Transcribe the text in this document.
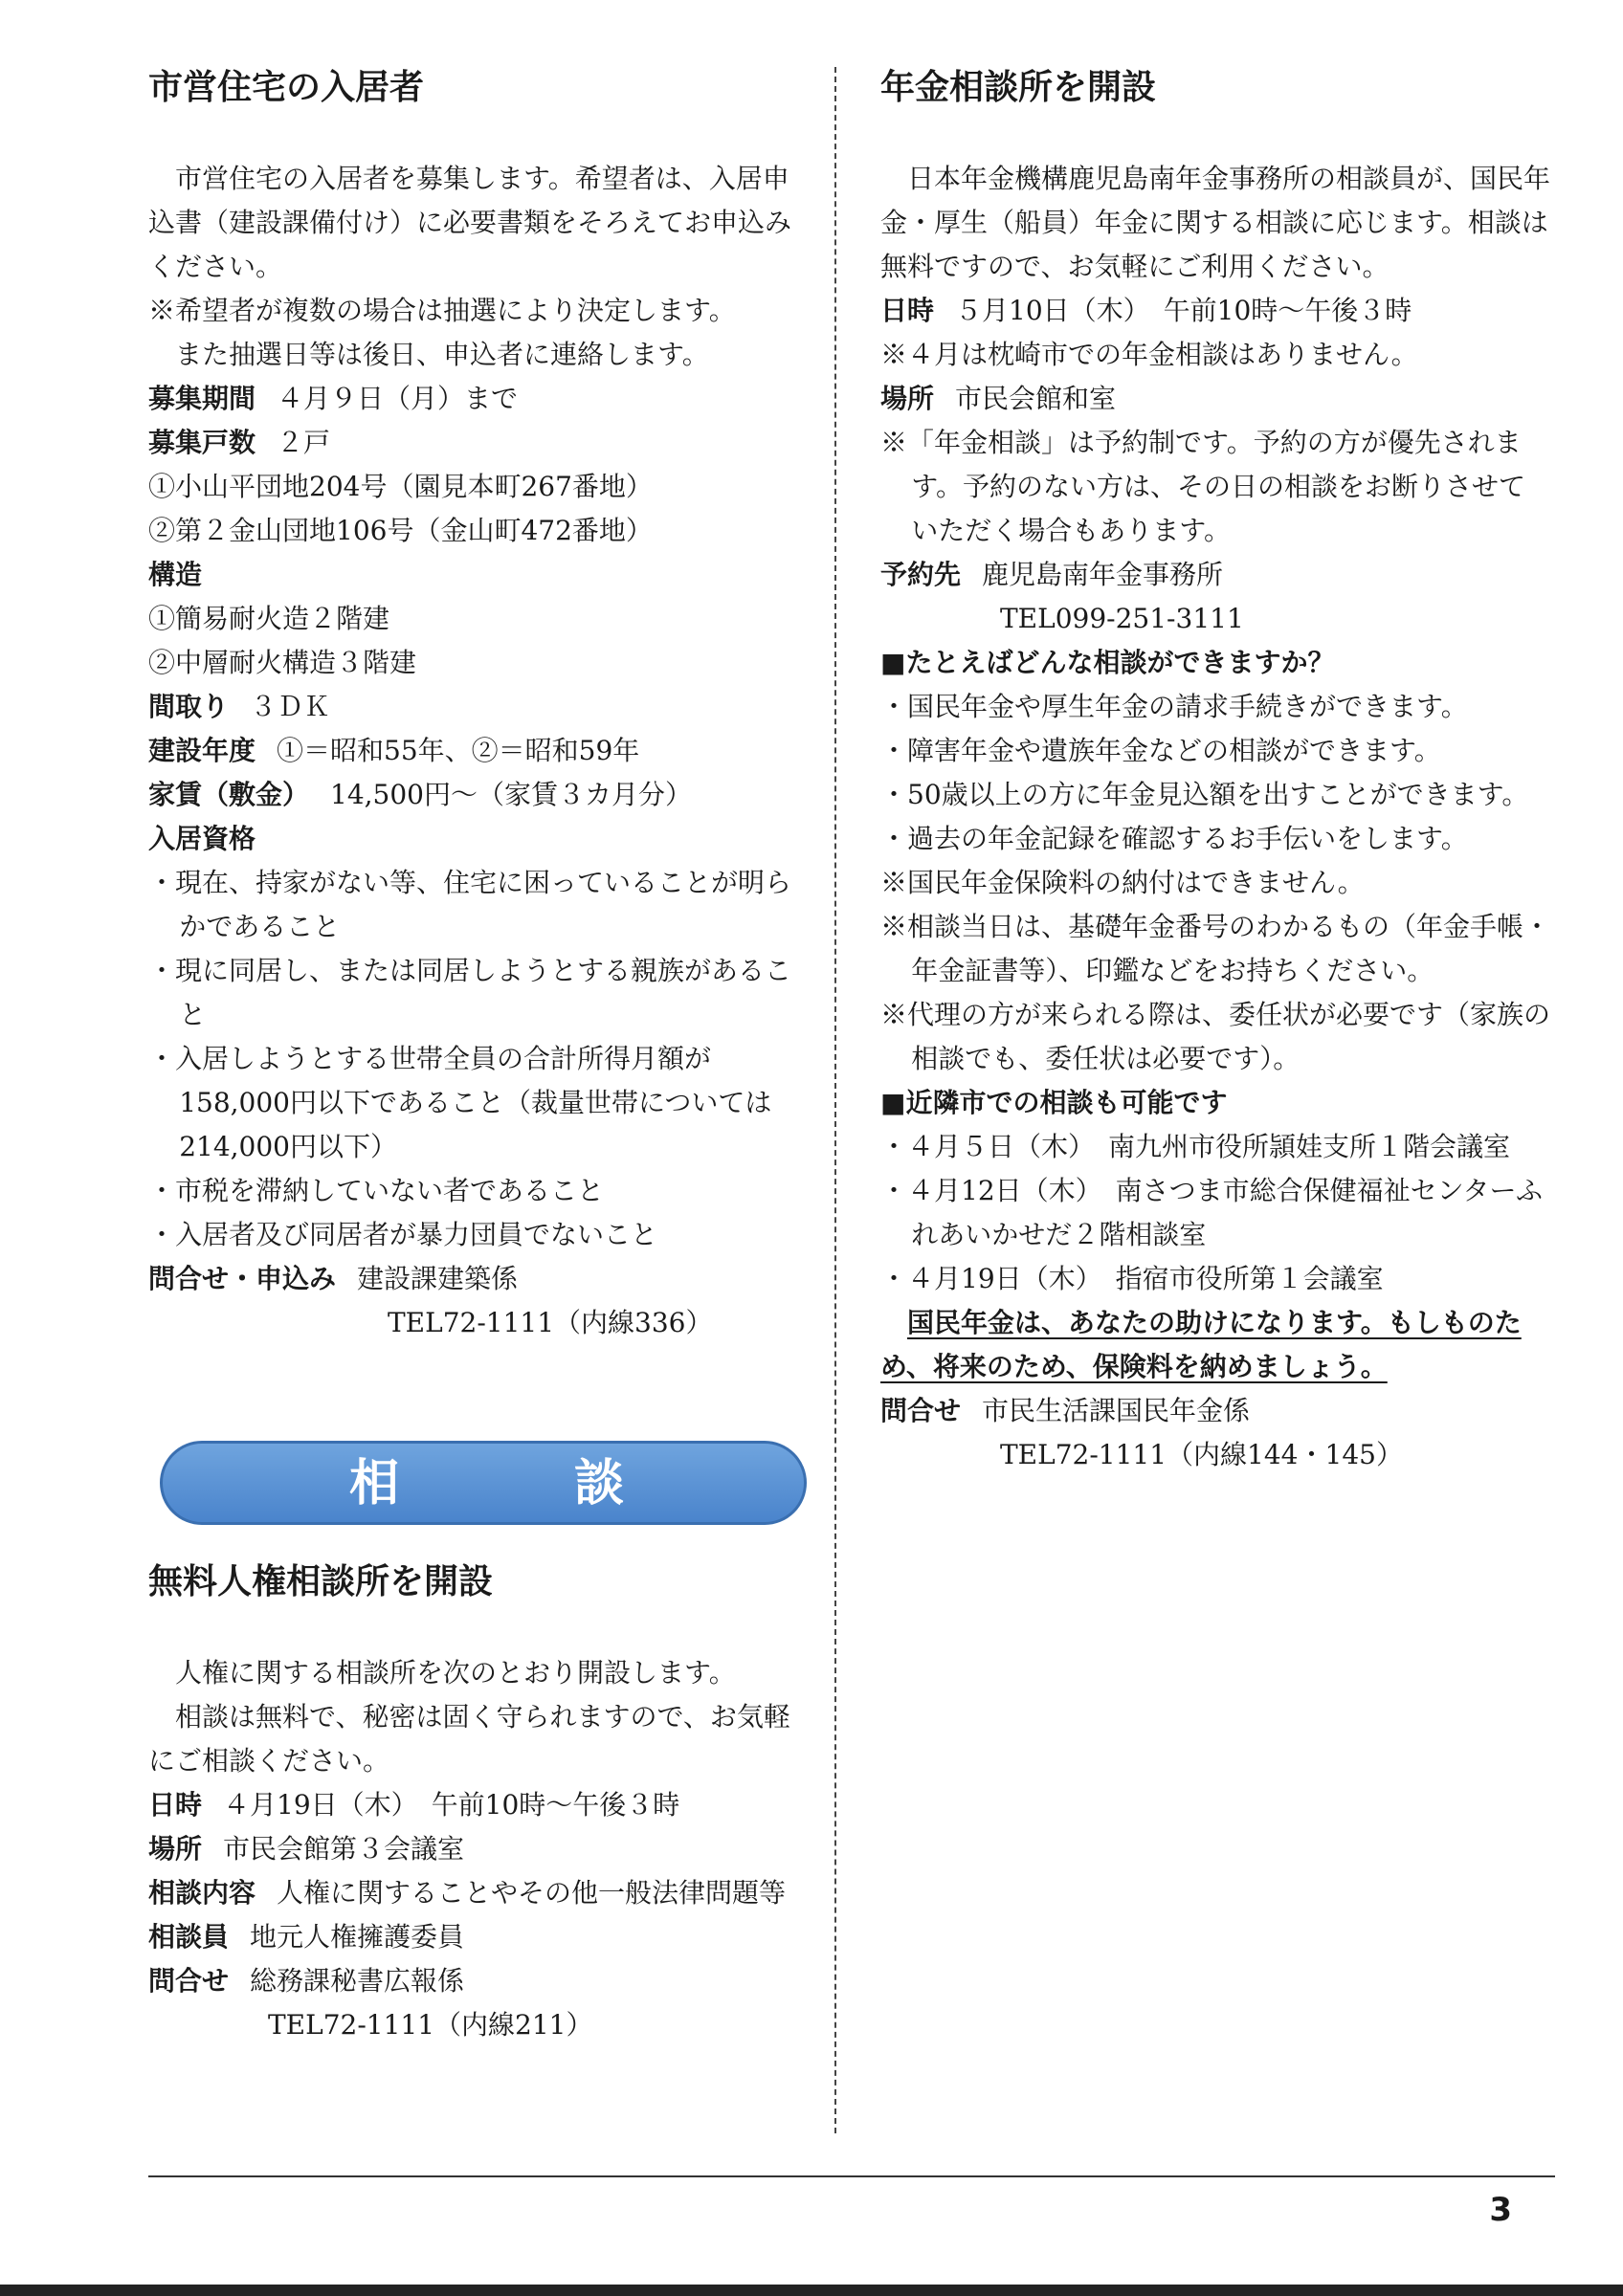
市営住宅の入居者

市営住宅の入居者を募集します。希望者は、入居申込書（建設課備付け）に必要書類をそろえてお申込みください。

※希望者が複数の場合は抽選により決定します。

また抽選日等は後日、申込者に連絡します。

募集期間 ４月９日（月）まで

募集戸数 ２戸

①小山平団地204号（園見本町267番地）

②第２金山団地106号（金山町472番地）

構造

①簡易耐火造２階建

②中層耐火構造３階建

間取り ３ＤＫ

建設年度 ①＝昭和55年、②＝昭和59年

家賃（敷金） 14,500円～（家賃３カ月分）

入居資格

・現在、持家がない等、住宅に困っていることが明らかであること

・現に同居し、または同居しようとする親族があること

・入居しようとする世帯全員の合計所得月額が158,000円以下であること（裁量世帯については214,000円以下）

・市税を滞納していない者であること

・入居者及び同居者が暴力団員でないこと

問合せ・申込み 建設課建築係

TEL72-1111（内線336）

相	談
無料人権相談所を開設

人権に関する相談所を次のとおり開設します。

相談は無料で、秘密は固く守られますので、お気軽にご相談ください。

日時 ４月19日（木）　午前10時～午後３時

場所 市民会館第３会議室

相談内容 人権に関することやその他一般法律問題等

相談員 地元人権擁護委員

問合せ 総務課秘書広報係

TEL72-1111（内線211）

年金相談所を開設

日本年金機構鹿児島南年金事務所の相談員が、国民年金・厚生（船員）年金に関する相談に応じます。相談は無料ですので、お気軽にご利用ください。

日時 ５月10日（木）　午前10時～午後３時

※４月は枕崎市での年金相談はありません。

場所 市民会館和室

※「年金相談」は予約制です。予約の方が優先されます。予約のない方は、その日の相談をお断りさせていただく場合もあります。

予約先 鹿児島南年金事務所

TEL099-251-3111

■たとえばどんな相談ができますか？

・国民年金や厚生年金の請求手続きができます。

・障害年金や遺族年金などの相談ができます。

・50歳以上の方に年金見込額を出すことができます。

・過去の年金記録を確認するお手伝いをします。

※国民年金保険料の納付はできません。

※相談当日は、基礎年金番号のわかるもの（年金手帳・年金証書等）、印鑑などをお持ちください。

※代理の方が来られる際は、委任状が必要です（家族の相談でも、委任状は必要です）。

■近隣市での相談も可能です

・４月５日（木）　南九州市役所頴娃支所１階会議室

・４月12日（木）　南さつま市総合保健福祉センターふれあいかせだ２階相談室

・４月19日（木）　指宿市役所第１会議室

国民年金は、あなたの助けになります。もしものため、将来のため、保険料を納めましょう。

問合せ 市民生活課国民年金係

TEL72-1111（内線144・145）

3
